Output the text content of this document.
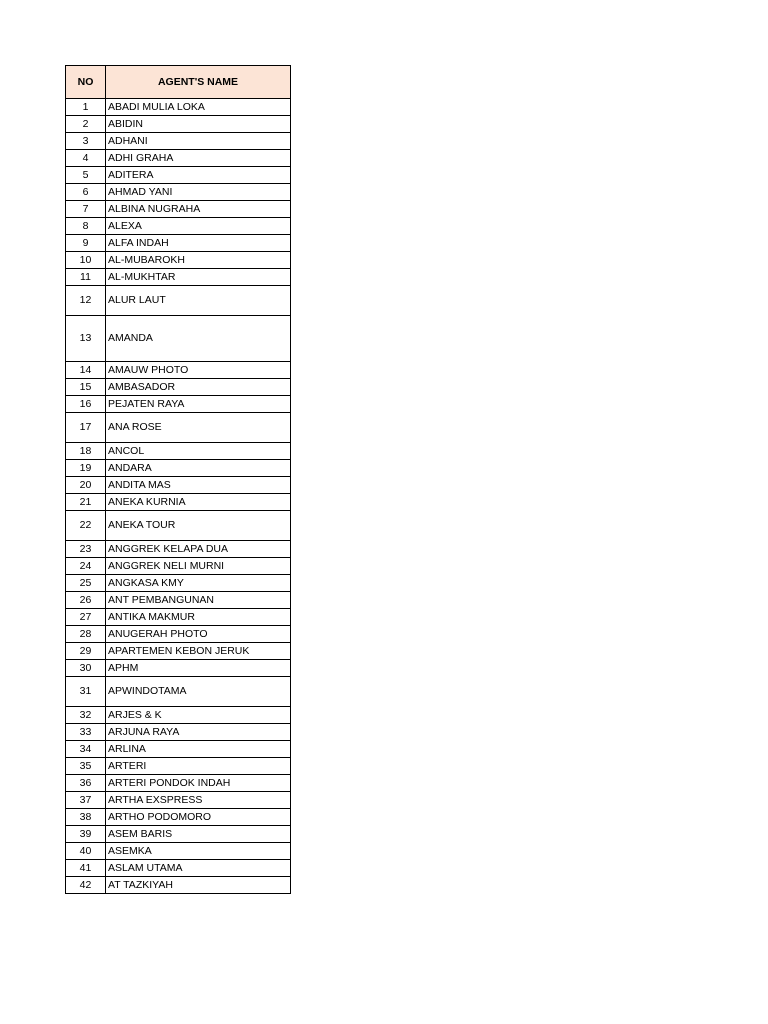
NO	AGENT'S NAME
1	ABADI MULIA LOKA
2	ABIDIN
3	ADHANI
4	ADHI GRAHA
5	ADITERA
6	AHMAD YANI
7	ALBINA NUGRAHA
8	ALEXA
9	ALFA INDAH
10	AL-MUBAROKH
11	AL-MUKHTAR
12	ALUR LAUT
13	AMANDA
14	AMAUW PHOTO
15	AMBASADOR
16	PEJATEN RAYA
17	ANA ROSE
18	ANCOL
19	ANDARA
20	ANDITA MAS
21	ANEKA KURNIA
22	ANEKA TOUR
23	ANGGREK KELAPA DUA
24	ANGGREK NELI MURNI
25	ANGKASA KMY
26	ANT PEMBANGUNAN
27	ANTIKA MAKMUR
28	ANUGERAH PHOTO
29	APARTEMEN KEBON JERUK
30	APHM
31	APWINDOTAMA
32	ARJES & K
33	ARJUNA RAYA
34	ARLINA
35	ARTERI
36	ARTERI PONDOK INDAH
37	ARTHA EXSPRESS
38	ARTHO PODOMORO
39	ASEM BARIS
40	ASEMKA
41	ASLAM UTAMA
42	AT TAZKIYAH
